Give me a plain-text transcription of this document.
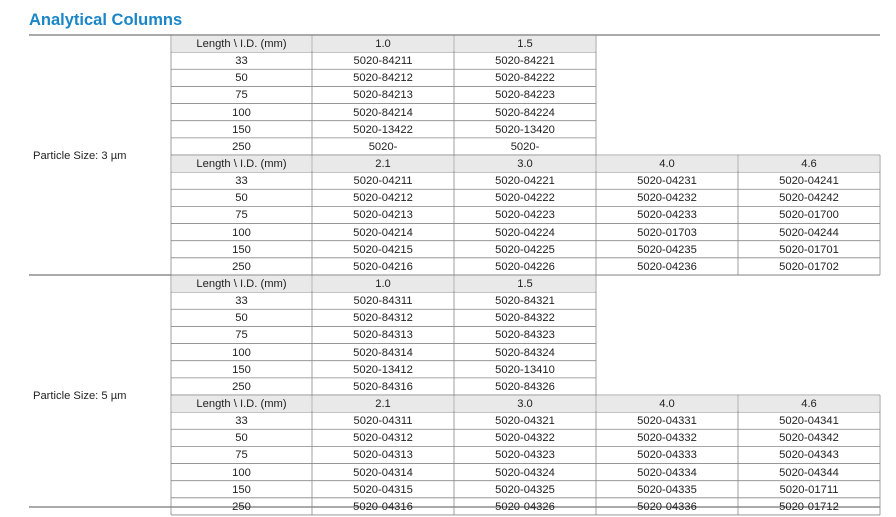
Analytical Columns
Particle Size: 3 µm
Length \ I.D. (mm)	1.0	1.5
33	5020-84211	5020-84221
50	5020-84212	5020-84222
75	5020-84213	5020-84223
100	5020-84214	5020-84224
150	5020-13422	5020-13420
250	5020-	5020-
Length \ I.D. (mm)	2.1	3.0	4.0	4.6
33	5020-04211	5020-04221	5020-04231	5020-04241
50	5020-04212	5020-04222	5020-04232	5020-04242
75	5020-04213	5020-04223	5020-04233	5020-01700
100	5020-04214	5020-04224	5020-01703	5020-04244
150	5020-04215	5020-04225	5020-04235	5020-01701
250	5020-04216	5020-04226	5020-04236	5020-01702
Particle Size: 5 µm
Length \ I.D. (mm)	1.0	1.5
33	5020-84311	5020-84321
50	5020-84312	5020-84322
75	5020-84313	5020-84323
100	5020-84314	5020-84324
150	5020-13412	5020-13410
250	5020-84316	5020-84326
Length \ I.D. (mm)	2.1	3.0	4.0	4.6
33	5020-04311	5020-04321	5020-04331	5020-04341
50	5020-04312	5020-04322	5020-04332	5020-04342
75	5020-04313	5020-04323	5020-04333	5020-04343
100	5020-04314	5020-04324	5020-04334	5020-04344
150	5020-04315	5020-04325	5020-04335	5020-01711
250	5020-04316	5020-04326	5020-04336	5020-01712
